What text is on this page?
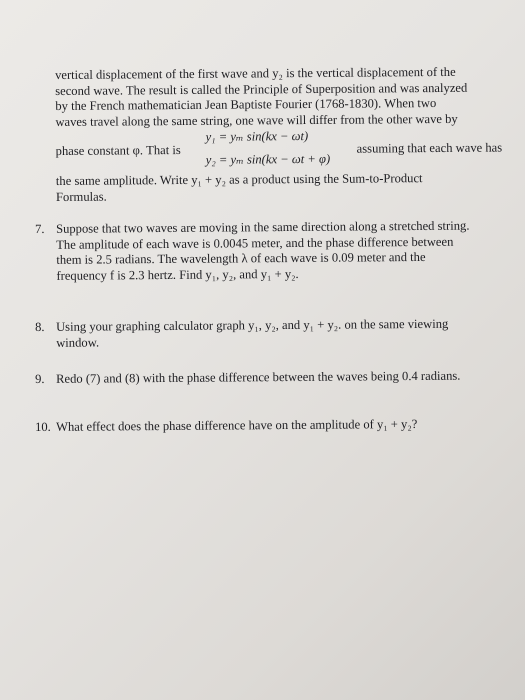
vertical displacement of the first wave and y₂ is the vertical displacement of the
second wave. The result is called the Principle of Superposition and was analyzed
by the French mathematician Jean Baptiste Fourier (1768-1830). When two
waves travel along the same string, one wave will differ from the other wave by
phase constant φ. That is
y₁ = yₘ sin(kx − ωt)
y₂ = yₘ sin(kx − ωt + φ)
assuming that each wave has
the same amplitude. Write y₁ + y₂ as a product using the Sum-to-Product
Formulas.
7. Suppose that two waves are moving in the same direction along a stretched string.
The amplitude of each wave is 0.0045 meter, and the phase difference between
them is 2.5 radians. The wavelength λ of each wave is 0.09 meter and the
frequency f is 2.3 hertz. Find y₁, y₂, and y₁ + y₂.
8. Using your graphing calculator graph y₁, y₂, and y₁ + y₂. on the same viewing
window.
9. Redo (7) and (8) with the phase difference between the waves being 0.4 radians.
10. What effect does the phase difference have on the amplitude of y₁ + y₂?
